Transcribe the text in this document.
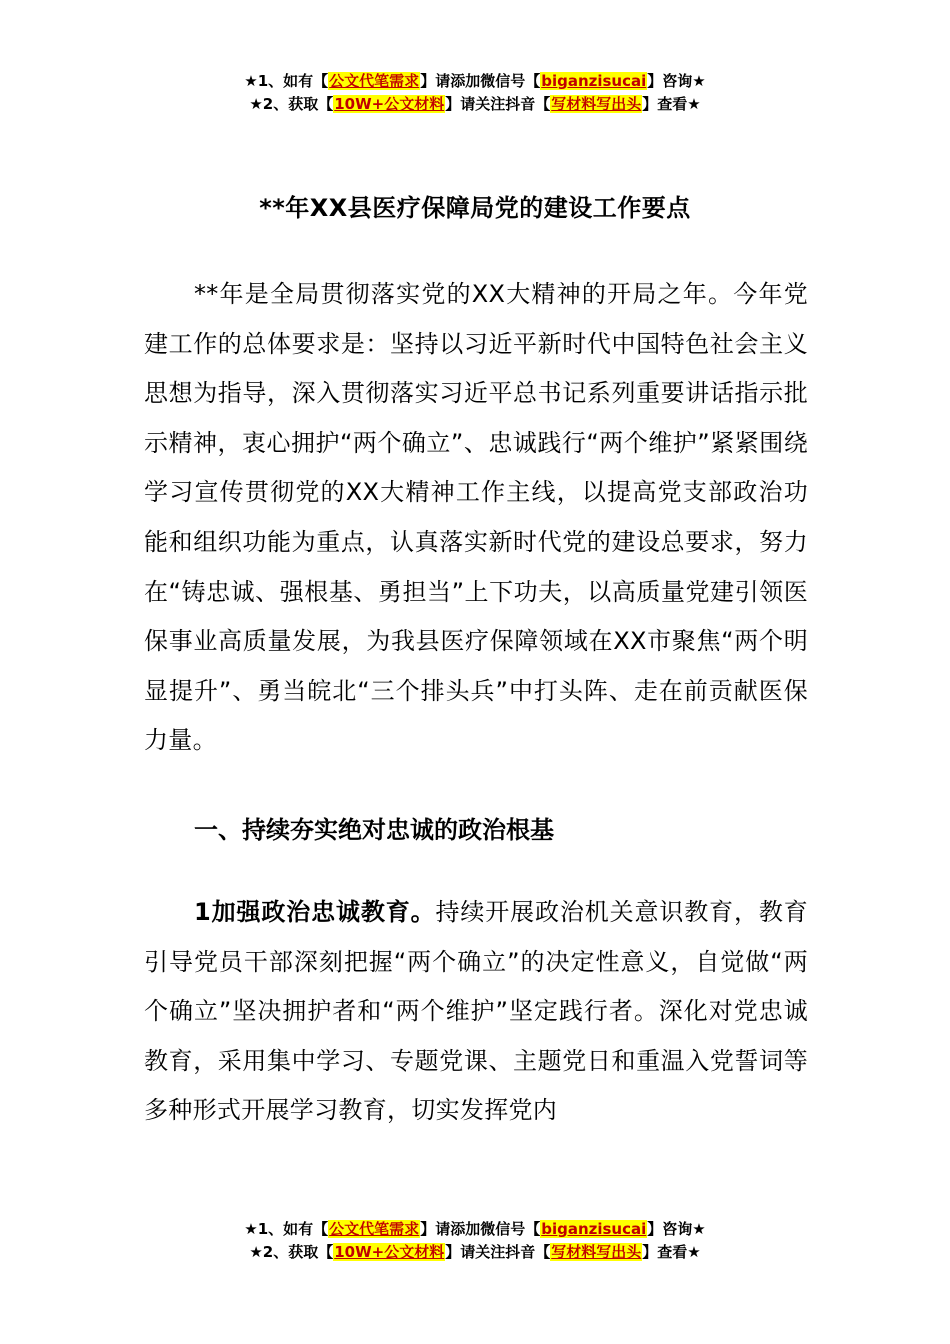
★1、如有【公文代笔需求】请添加微信号【biganzisucai】咨询★
★2、获取【10W+公文材料】请关注抖音【写材料写出头】查看★
**年XX县医疗保障局党的建设工作要点
**年是全局贯彻落实党的XX大精神的开局之年。今年党建工作的总体要求是：坚持以习近平新时代中国特色社会主义思想为指导，深入贯彻落实习近平总书记系列重要讲话指示批示精神，衷心拥护“两个确立”、忠诚践行“两个维护”紧紧围绕学习宣传贯彻党的XX大精神工作主线，以提高党支部政治功能和组织功能为重点，认真落实新时代党的建设总要求，努力在“铸忠诚、强根基、勇担当”上下功夫，以高质量党建引领医保事业高质量发展，为我县医疗保障领域在XX市聚焦“两个明显提升”、勇当皖北“三个排头兵”中打头阵、走在前贡献医保力量。
一、持续夯实绝对忠诚的政治根基
1加强政治忠诚教育。持续开展政治机关意识教育，教育引导党员干部深刻把握“两个确立”的决定性意义，自觉做“两个确立”坚决拥护者和“两个维护”坚定践行者。深化对党忠诚教育，采用集中学习、专题党课、主题党日和重温入党誓词等多种形式开展学习教育，切实发挥党内
★1、如有【公文代笔需求】请添加微信号【biganzisucai】咨询★
★2、获取【10W+公文材料】请关注抖音【写材料写出头】查看★
